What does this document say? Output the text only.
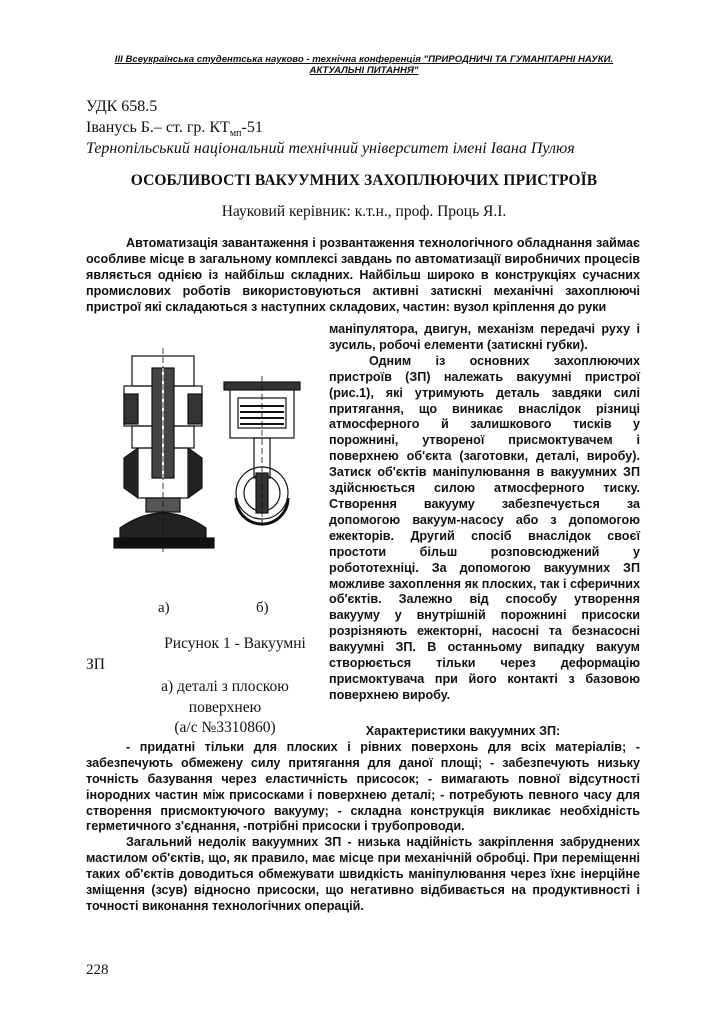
ІІІ Всеукраїнська студентська науково - технічна конференція "ПРИРОДНИЧІ ТА ГУМАНІТАРНІ НАУКИ.
АКТУАЛЬНІ ПИТАННЯ"
УДК 658.5
Іванусь Б.– ст. гр. $КТ_{мп}-51$
Тернопільський національний технічний університет імені Івана Пулюя
ОСОБЛИВОСТІ ВАКУУМНИХ ЗАХОПЛЮЮЧИХ ПРИСТРОЇВ
Науковий керівник: к.т.н., проф. Проць Я.І.
Автоматизація завантаження і розвантаження технологічного обладнання займає особливе місце в загальному комплексі завдань по автоматизації виробничих процесів являється однією із найбільш складних. Найбільш широко в конструкціях сучасних промислових роботів використовуються активні затискні механічні захоплюючі пристрої які складаються з наступних складових, частин: вузол кріплення до руки

маніпулятора, двигун, механізм передачі руху і зусиль, робочі елементи (затискні губки).

Одним із основних захоплюючих пристроїв (ЗП) належать вакуумні пристрої (рис.1), які утримують деталь завдяки силі притягання, що виникає внаслідок різниці атмосферного й залишкового тисків у порожнині, утвореної присмоктувачем і поверхнею об'єкта (заготовки, деталі, виробу). Затиск об'єктів маніпулювання в вакуумних ЗП здійснюється силою атмосферного тиску. Створення вакууму забезпечується за допомогою вакуум-насосу або з допомогою ежекторів. Другий спосіб внаслідок своєї простоти більш розповсюджений у робототехніці. За допомогою вакуумних ЗП можливе захоплення як плоских, так і сферичних об'єктів. Залежно від способу утворення вакууму у внутрішній порожнині присоски розрізняють ежекторні, насосні та безнасосні вакуумні ЗП. В останньому випадку вакуум створюється тільки через деформацію присмоктувача при його контакті з базовою поверхнею виробу.

а)	б)
Рисунок 1 - Вакуумні
ЗП
а) деталі з плоскою
поверхнею
(а/с №3310860)	Характеристики вакуумних ЗП:
- придатні тільки для плоских і рівних поверхонь для всіх матеріалів; - забезпечують обмежену силу притягання для даної площі; - забезпечують низьку точність базування через еластичність присосок; - вимагають повної відсутності інородних частин між присосками і поверхнею деталі; - потребують певного часу для створення присмоктуючого вакууму; - складна конструкція викликає необхідність герметичного з'єднання, -потрібні присоски і трубопроводи.
Загальний недолік вакуумних ЗП - низька надійність закріплення забруднених мастилом об'єктів, що, як правило, має місце при механічній обробці. При переміщенні таких об'єктів доводиться обмежувати швидкість маніпулювання через їхнє інерційне зміщення (зсув) відносно присоски, що негативно відбивається на продуктивності і точності виконання технологічних операцій.
228
